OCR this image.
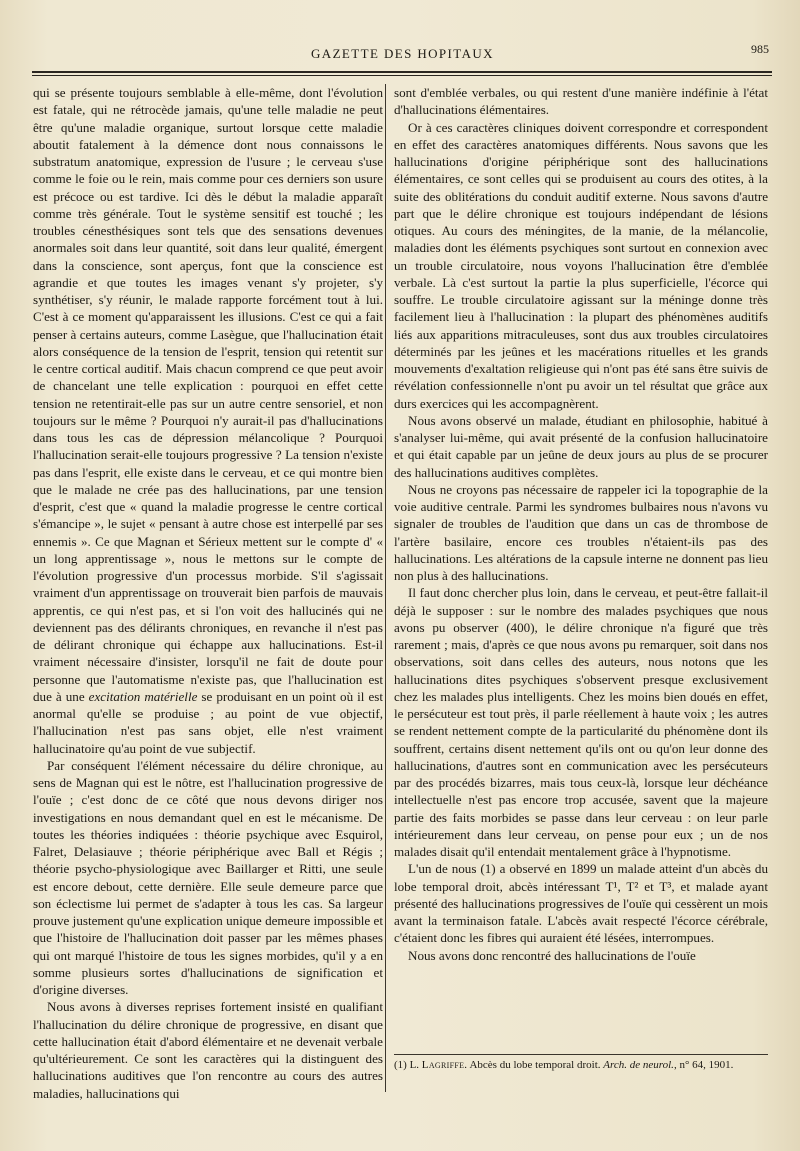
GAZETTE DES HOPITAUX	985

qui se présente toujours semblable à elle-même, dont l'évolution est fatale, qui ne rétrocède jamais, qu'une telle maladie ne peut être qu'une maladie organique, surtout lorsque cette maladie aboutit fatalement à la démence dont nous connaissons le substratum anatomique, expression de l'usure ; le cerveau s'use comme le foie ou le rein, mais comme pour ces derniers son usure est précoce ou est tardive. Ici dès le début la maladie apparaît comme très générale. Tout le système sensitif est touché ; les troubles cénesthésiques sont tels que des sensations devenues anormales soit dans leur quantité, soit dans leur qualité, émergent dans la conscience, sont aperçus, font que la conscience est agrandie et que toutes les images venant s'y projeter, s'y synthétiser, s'y réunir, le malade rapporte forcément tout à lui. C'est à ce moment qu'apparaissent les illusions. C'est ce qui a fait penser à certains auteurs, comme Lasègue, que l'hallucination était alors conséquence de la tension de l'esprit, tension qui retentit sur le centre cortical auditif. Mais chacun comprend ce que peut avoir de chancelant une telle explication : pourquoi en effet cette tension ne retentirait-elle pas sur un autre centre sensoriel, et non toujours sur le même ? Pourquoi n'y aurait-il pas d'hallucinations dans tous les cas de dépression mélancolique ? Pourquoi l'hallucination serait-elle toujours progressive ? La tension n'existe pas dans l'esprit, elle existe dans le cerveau, et ce qui montre bien que le malade ne crée pas des hallucinations, par une tension d'esprit, c'est que « quand la maladie progresse le centre cortical s'émancipe », le sujet « pensant à autre chose est interpellé par ses ennemis ». Ce que Magnan et Sérieux mettent sur le compte d' « un long apprentissage », nous le mettons sur le compte de l'évolution progressive d'un processus morbide. S'il s'agissait vraiment d'un apprentissage on trouverait bien parfois de mauvais apprentis, ce qui n'est pas, et si l'on voit des hallucinés qui ne deviennent pas des délirants chroniques, en revanche il n'est pas de délirant chronique qui échappe aux hallucinations. Est-il vraiment nécessaire d'insister, lorsqu'il ne fait de doute pour personne que l'automatisme n'existe pas, que l'hallucination est due à une excitation matérielle se produisant en un point où il est anormal qu'elle se produise ; au point de vue objectif, l'hallucination n'est pas sans objet, elle n'est vraiment hallucinatoire qu'au point de vue subjectif.

Par conséquent l'élément nécessaire du délire chronique, au sens de Magnan qui est le nôtre, est l'hallucination progressive de l'ouïe ; c'est donc de ce côté que nous devons diriger nos investigations en nous demandant quel en est le mécanisme. De toutes les théories indiquées : théorie psychique avec Esquirol, Falret, Delasiauve ; théorie périphérique avec Ball et Régis ; théorie psycho-physiologique avec Baillarger et Ritti, une seule est encore debout, cette dernière. Elle seule demeure parce que son éclectisme lui permet de s'adapter à tous les cas. Sa largeur prouve justement qu'une explication unique demeure impossible et que l'histoire de l'hallucination doit passer par les mêmes phases qui ont marqué l'histoire de tous les signes morbides, qu'il y a en somme plusieurs sortes d'hallucinations de signification et d'origine diverses.

Nous avons à diverses reprises fortement insisté en qualifiant l'hallucination du délire chronique de progressive, en disant que cette hallucination était d'abord élémentaire et ne devenait verbale qu'ultérieurement. Ce sont les caractères qui la distinguent des hallucinations auditives que l'on rencontre au cours des autres maladies, hallucinations qui

sont d'emblée verbales, ou qui restent d'une manière indéfinie à l'état d'hallucinations élémentaires.

Or à ces caractères cliniques doivent correspondre et correspondent en effet des caractères anatomiques différents. Nous savons que les hallucinations d'origine périphérique sont des hallucinations élémentaires, ce sont celles qui se produisent au cours des otites, à la suite des oblitérations du conduit auditif externe. Nous savons d'autre part que le délire chronique est toujours indépendant de lésions otiques. Au cours des méningites, de la manie, de la mélancolie, maladies dont les éléments psychiques sont surtout en connexion avec un trouble circulatoire, nous voyons l'hallucination être d'emblée verbale. Là c'est surtout la partie la plus superficielle, l'écorce qui souffre. Le trouble circulatoire agissant sur la méninge donne très facilement lieu à l'hallucination : la plupart des phénomènes auditifs liés aux apparitions mitraculeuses, sont dus aux troubles circulatoires déterminés par les jeûnes et les macérations rituelles et les grands mouvements d'exaltation religieuse qui n'ont pas été sans être suivis de révélation confessionnelle n'ont pu avoir un tel résultat que grâce aux durs exercices qui les accompagnèrent.

Nous avons observé un malade, étudiant en philosophie, habitué à s'analyser lui-même, qui avait présenté de la confusion hallucinatoire et qui était capable par un jeûne de deux jours au plus de se procurer des hallucinations auditives complètes.

Nous ne croyons pas nécessaire de rappeler ici la topographie de la voie auditive centrale. Parmi les syndromes bulbaires nous n'avons vu signaler de troubles de l'audition que dans un cas de thrombose de l'artère basilaire, encore ces troubles n'étaient-ils pas des hallucinations. Les altérations de la capsule interne ne donnent pas lieu non plus à des hallucinations.

Il faut donc chercher plus loin, dans le cerveau, et peut-être fallait-il déjà le supposer : sur le nombre des malades psychiques que nous avons pu observer (400), le délire chronique n'a figuré que très rarement ; mais, d'après ce que nous avons pu remarquer, soit dans nos observations, soit dans celles des auteurs, nous notons que les hallucinations dites psychiques s'observent presque exclusivement chez les malades plus intelligents. Chez les moins bien doués en effet, le persécuteur est tout près, il parle réellement à haute voix ; les autres se rendent nettement compte de la particularité du phénomène dont ils souffrent, certains disent nettement qu'ils ont ou qu'on leur donne des hallucinations, d'autres sont en communication avec les persécuteurs par des procédés bizarres, mais tous ceux-là, lorsque leur déchéance intellectuelle n'est pas encore trop accusée, savent que la majeure partie des faits morbides se passe dans leur cerveau : on leur parle intérieurement dans leur cerveau, on pense pour eux ; un de nos malades disait qu'il entendait mentalement grâce à l'hypnotisme.

L'un de nous (1) a observé en 1899 un malade atteint d'un abcès du lobe temporal droit, abcès intéressant T¹, T² et T³, et malade ayant présenté des hallucinations progressives de l'ouïe qui cessèrent un mois avant la terminaison fatale. L'abcès avait respecté l'écorce cérébrale, c'étaient donc les fibres qui auraient été lésées, interrompues.

Nous avons donc rencontré des hallucinations de l'ouïe

(1) L. Lagriffe. Abcès du lobe temporal droit. Arch. de neurol., n° 64, 1901.
